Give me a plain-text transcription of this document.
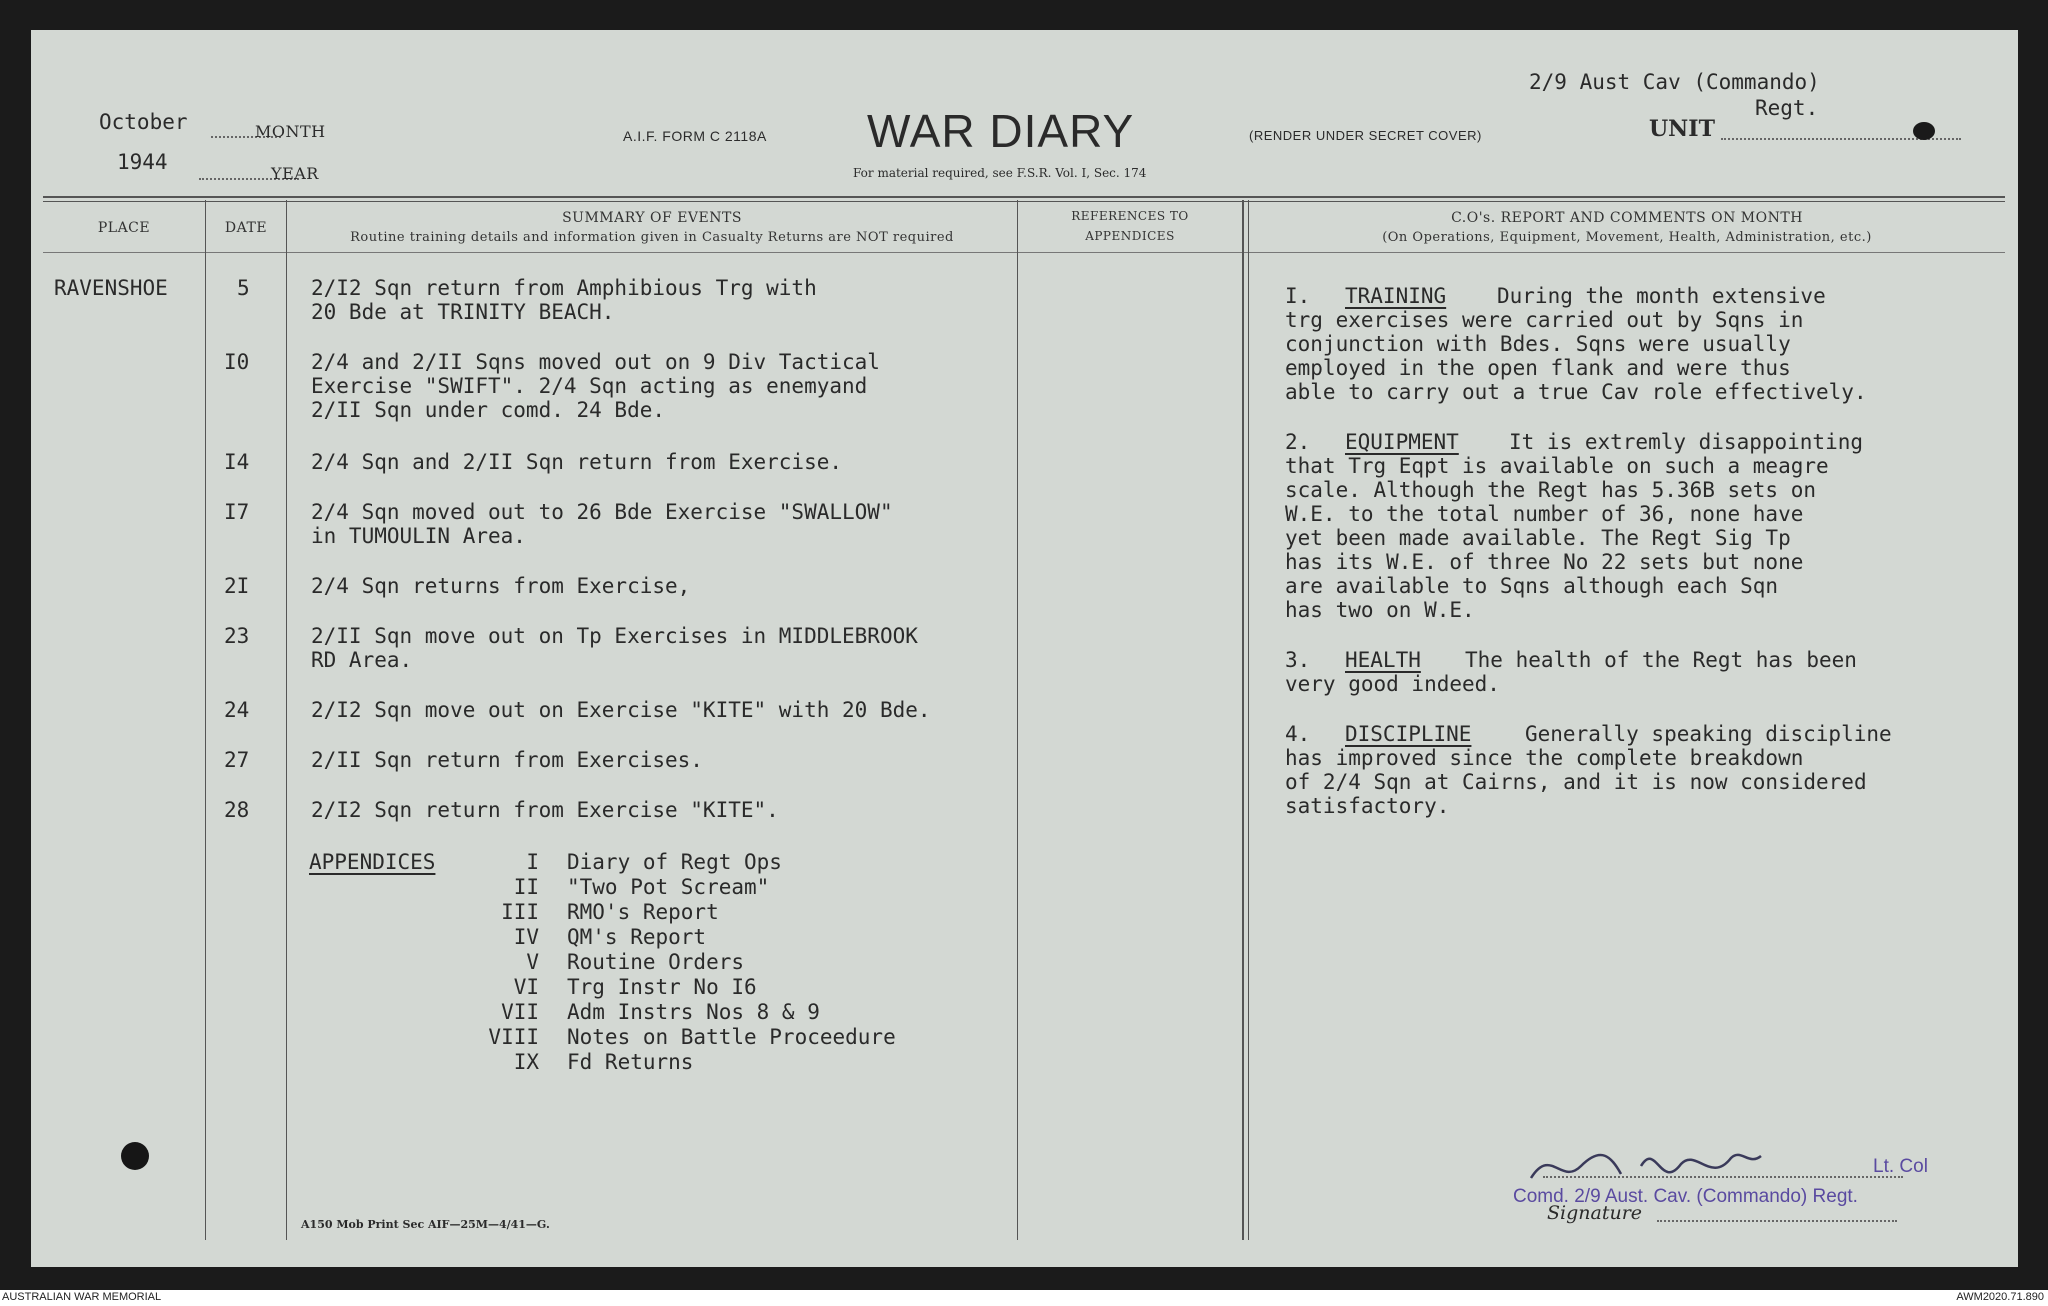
October	MONTH
1944	YEAR
A.I.F. FORM C 2118A WAR DIARY
For material required, see F.S.R. Vol. I, Sec. 174
(RENDER UNDER SECRET COVER)
2/9 Aust Cav (Commando)
Regt.
UNIT
PLACE	DATE
SUMMARY OF EVENTS
Routine training details and information given in Casualty Returns are NOT required
REFERENCES TO
APPENDICES
C.O's. REPORT AND COMMENTS ON MONTH
(On Operations, Equipment, Movement, Health, Administration, etc.)
RAVENSHOE	5	2/I2 Sqn return from Amphibious Trg with
20 Bde at TRINITY BEACH.
I0	2/4 and 2/II Sqns moved out on 9 Div Tactical
Exercise "SWIFT". 2/4 Sqn acting as enemyand
2/II Sqn under comd. 24 Bde.
I4	2/4 Sqn and 2/II Sqn return from Exercise.
I7	2/4 Sqn moved out to 26 Bde Exercise "SWALLOW"
in TUMOULIN Area.
2I	2/4 Sqn returns from Exercise,
23	2/II Sqn move out on Tp Exercises in MIDDLEBROOK
RD Area.
24	2/I2 Sqn move out on Exercise "KITE" with 20 Bde.
27	2/II Sqn return from Exercises.
28	2/I2 Sqn return from Exercise "KITE".
APPENDICES	I Diary of Regt Ops
II "Two Pot Scream"
III RMO's Report
IV QM's Report
V Routine Orders
VI Trg Instr No I6
VII Adm Instrs Nos 8 & 9
VIII Notes on Battle Proceedure
IX Fd Returns
I. TRAINING During the month extensive
trg exercises were carried out by Sqns in
conjunction with Bdes. Sqns were usually
employed in the open flank and were thus
able to carry out a true Cav role effectively.
2. EQUIPMENT It is extremly disappointing
that Trg Eqpt is available on such a meagre
scale. Although the Regt has 5.36B sets on
W.E. to the total number of 36, none have
yet been made available. The Regt Sig Tp
has its W.E. of three No 22 sets but none
are available to Sqns although each Sqn
has two on W.E.
3. HEALTH The health of the Regt has been
very good indeed.
4. DISCIPLINE	Generally speaking discipline
has improved since the complete breakdown
of 2/4 Sqn at Cairns, and it is now considered
satisfactory.
Lt. Col
Comd. 2/9 Aust. Cav. (Commando) Regt.
Signature
A150 Mob Print Sec AIF—25M—4/41—G.
AUSTRALIAN WAR MEMORIAL	AWM2020.71.890
